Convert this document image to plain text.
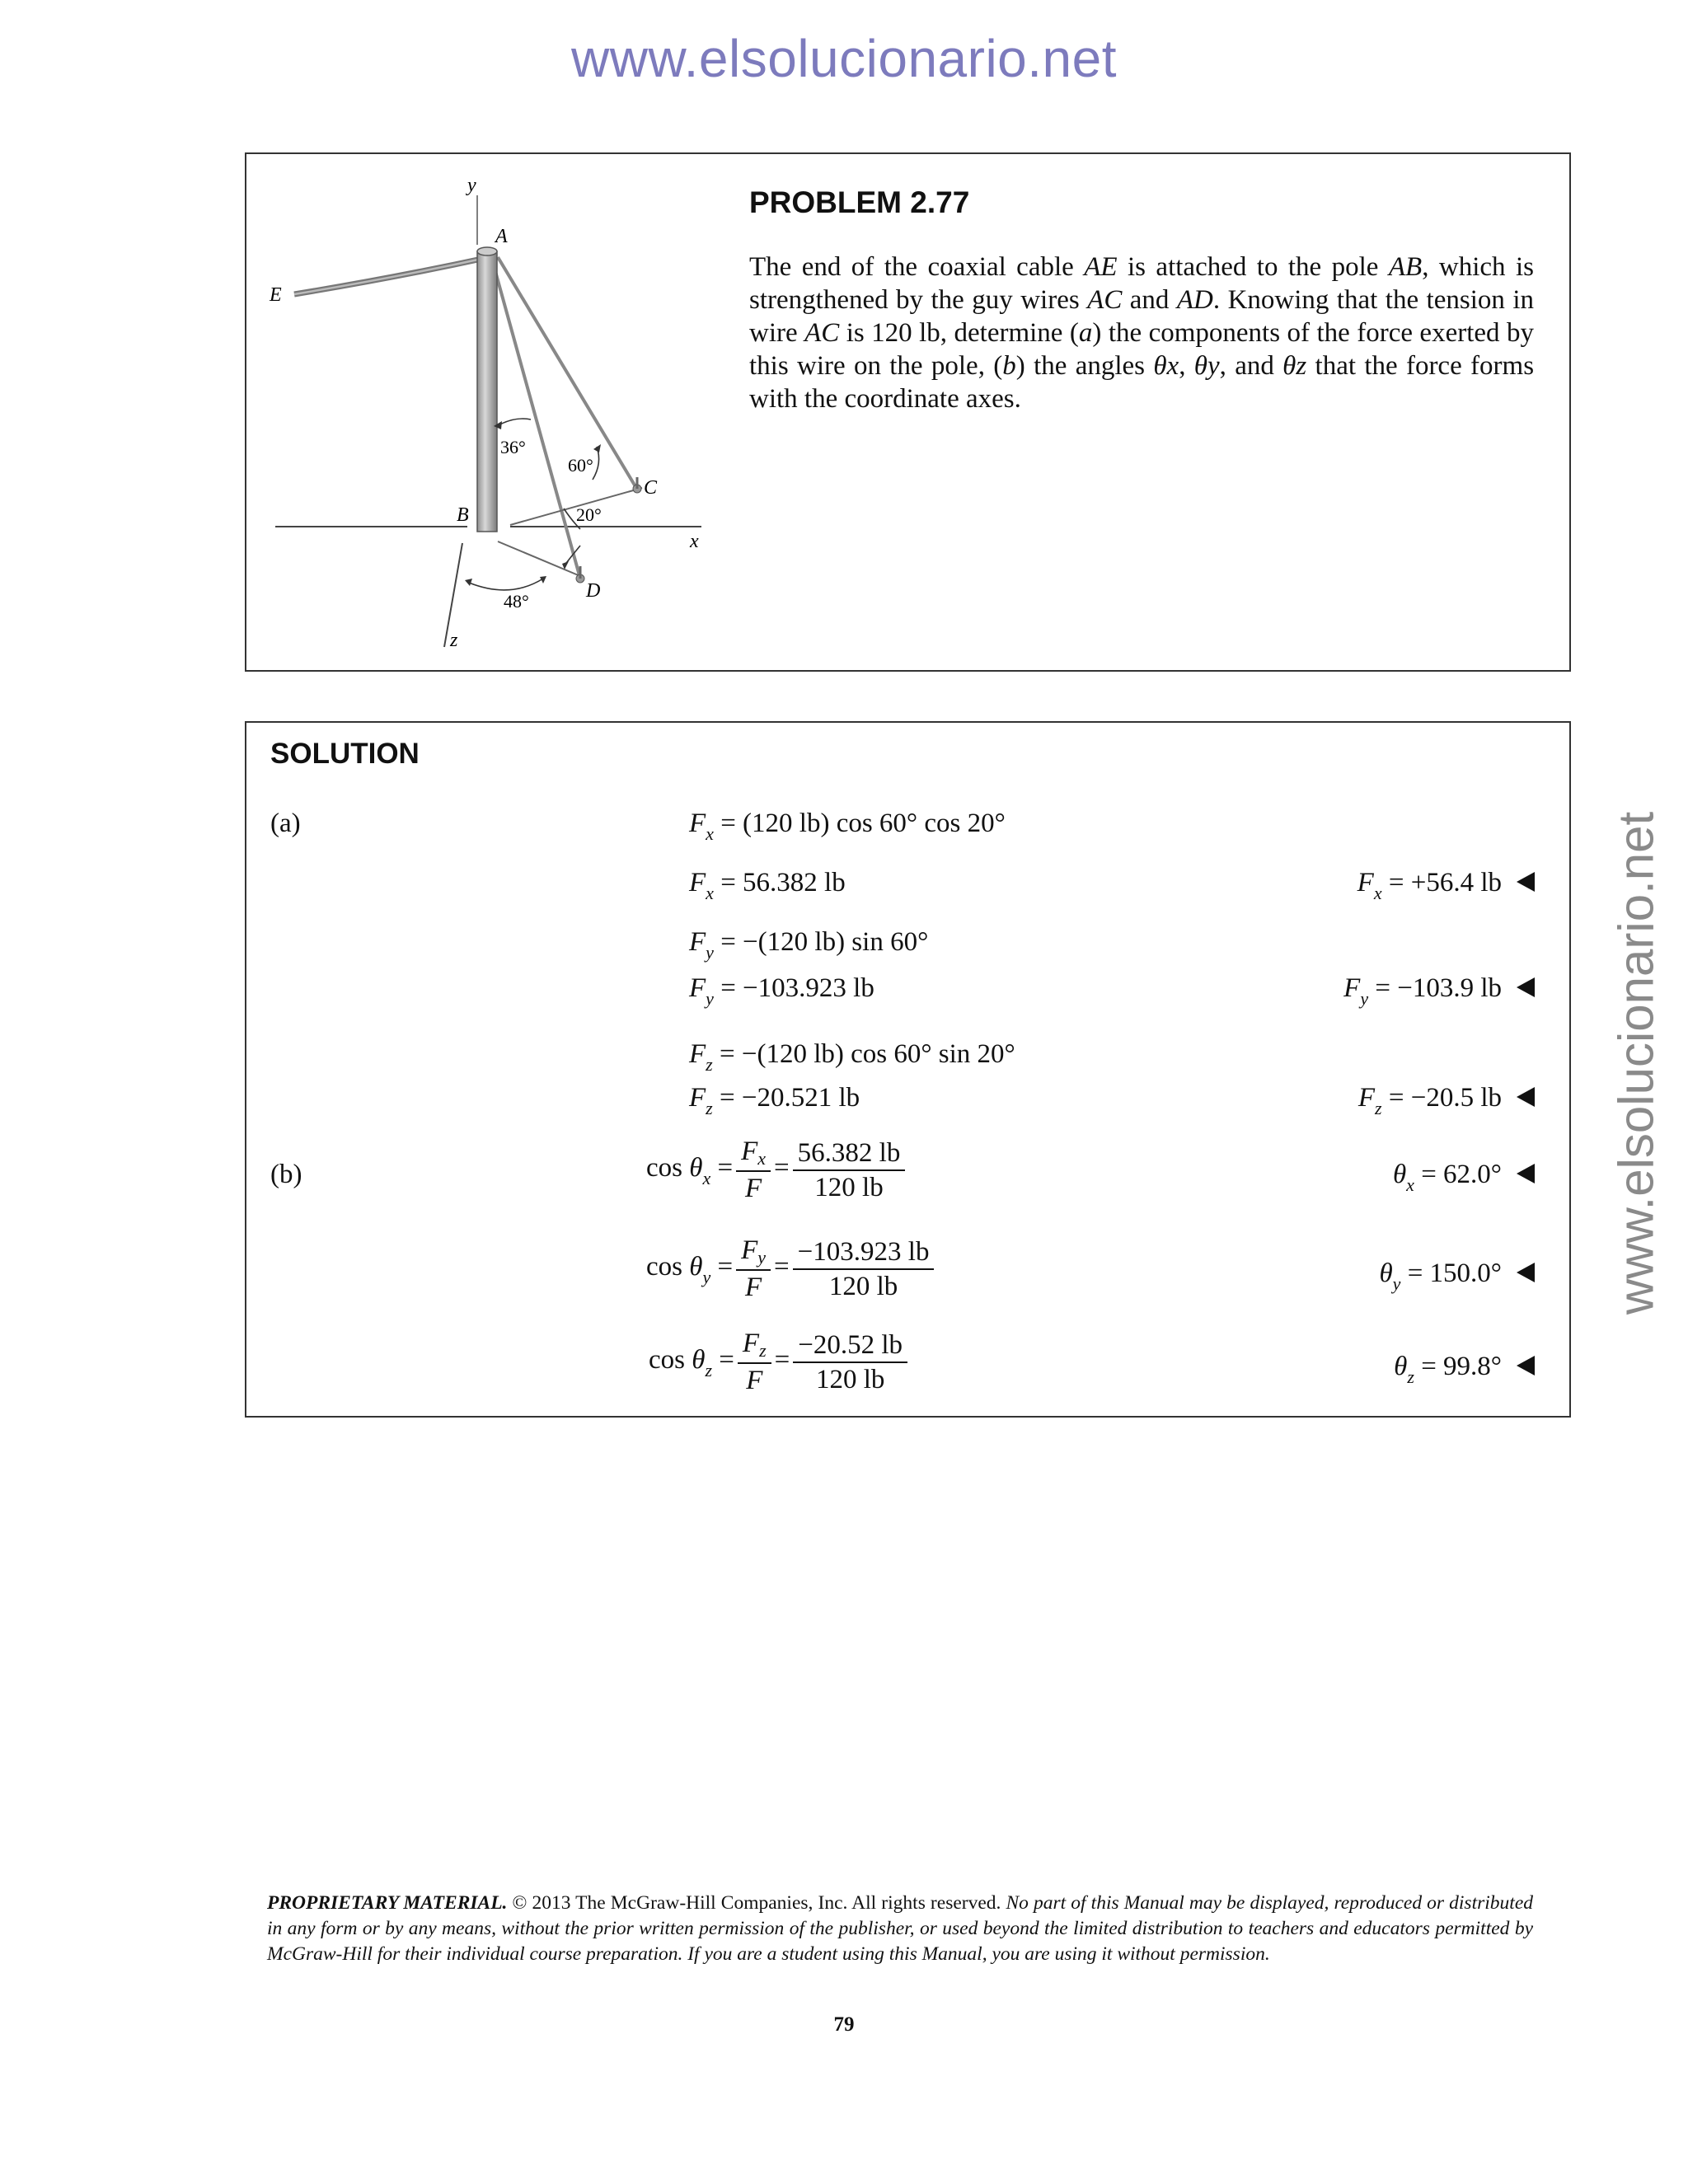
www.elsolucionario.net
www.elsolucionario.net
y
A
E
36°
60°
C
B	20°
x
D
48°
z
PROBLEM 2.77
The end of the coaxial cable AE is attached to the pole AB, which is strengthened by the guy wires AC and AD. Knowing that the tension in wire AC is 120 lb, determine (a) the components of the force exerted by this wire on the pole, (b) the angles θx, θy, and θz that the force forms with the coordinate axes.
SOLUTION
(a)	$F_x = (120$ lb) cos 60° cos 20°
$F_x = 56.382$ lb	$F_x = +56.4$ lb
$F_y = -(120$ lb) sin 60°
$F_y = -103.923$ lb	$F_y = -103.9$ lb
$F_z = -(120$ lb) cos 60° sin 20°
$F_z = -20.521$ lb	$F_z = -20.5$ lb
(b)	$\cos \theta_x = \frac{Fx}{F} = \frac{56.382 lb}{120 lb}$	$\theta_x = 62.0^\circ$
$\cos \theta_y = \frac{Fy}{F} = \frac{-103.923 lb}{120 lb}$	$\theta_y = 150.0^\circ$
$\cos \theta_z = \frac{Fz}{F} = \frac{-20.52 lb}{120 lb}$	$\theta_z = 99.8^\circ$
PROPRIETARY MATERIAL. © 2013 The McGraw-Hill Companies, Inc. All rights reserved. No part of this Manual may be displayed, reproduced or distributed in any form or by any means, without the prior written permission of the publisher, or used beyond the limited distribution to teachers and educators permitted by McGraw-Hill for their individual course preparation. If you are a student using this Manual, you are using it without permission.
79
